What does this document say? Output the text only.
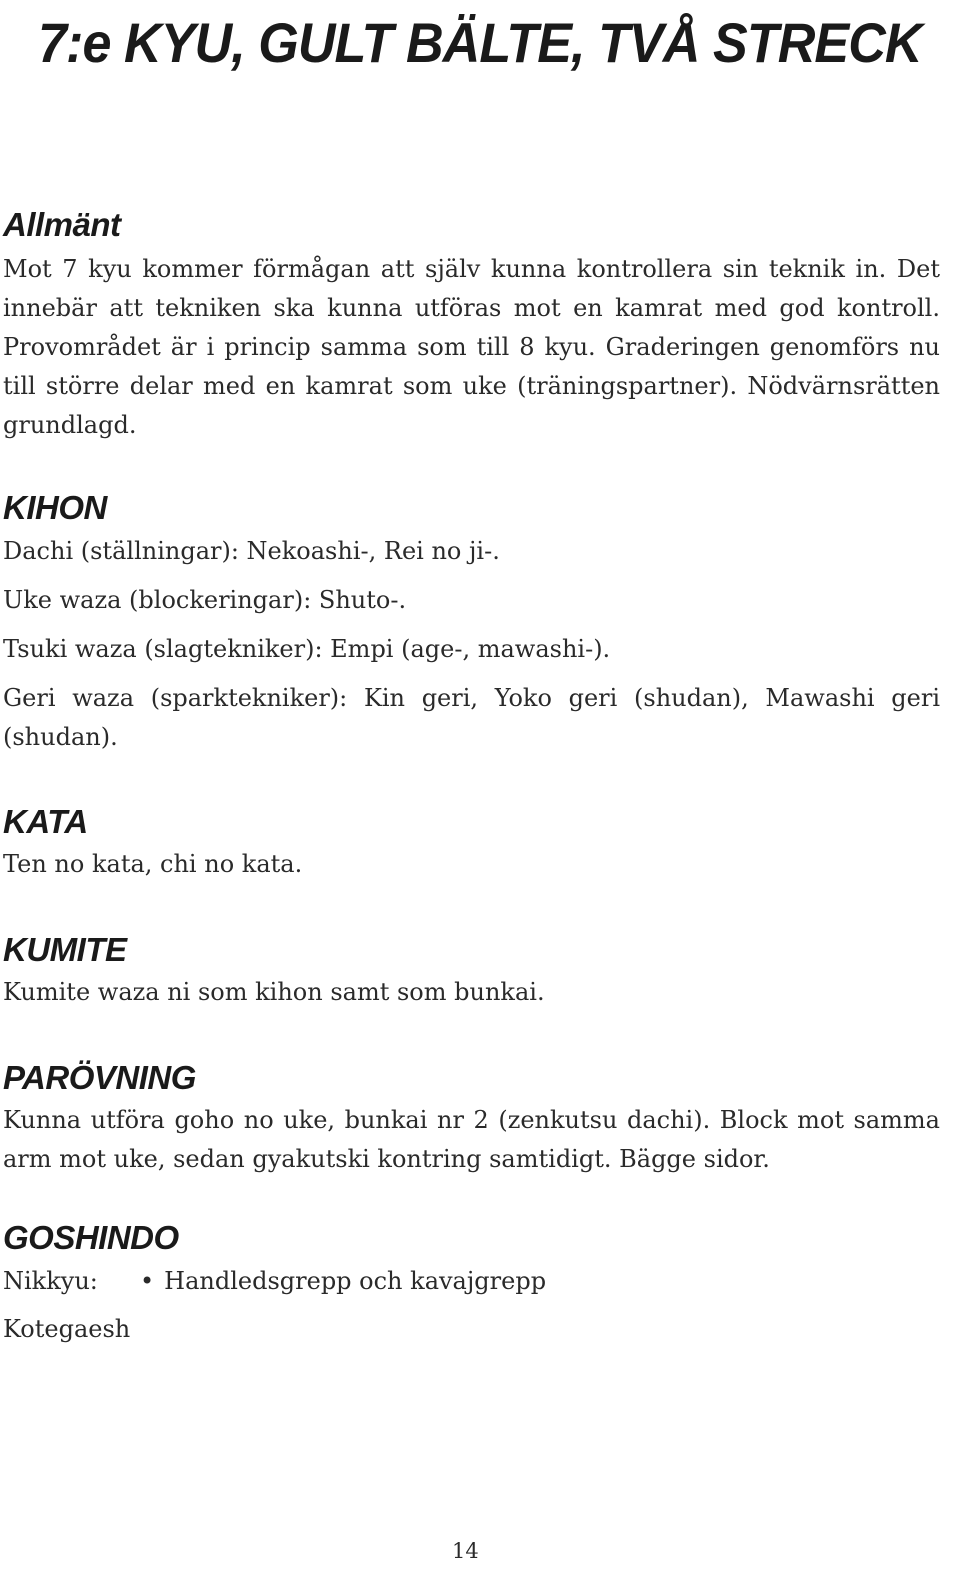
7:e KYU, GULT BÄLTE, TVÅ STRECK
Allmänt

Mot 7 kyu kommer förmågan att själv kunna kontrollera sin teknik in. Det innebär att tekniken ska kunna utföras mot en kamrat med god kontroll. Provområdet är i princip samma som till 8 kyu. Graderingen genomförs nu till större delar med en kamrat som uke (träningspartner). Nödvärnsrätten grundlagd.

KIHON

Dachi (ställningar): Nekoashi-, Rei no ji-.

Uke waza (blockeringar): Shuto-.

Tsuki waza (slagtekniker): Empi (age-, mawashi-).

Geri waza (sparktekniker): Kin geri, Yoko geri (shudan), Mawashi geri (shudan).

KATA

Ten no kata, chi no kata.

KUMITE

Kumite waza ni som kihon samt som bunkai.

PARÖVNING

Kunna utföra goho no uke, bunkai nr 2 (zenkutsu dachi). Block mot samma arm mot uke, sedan gyakutski kontring samtidigt. Bägge sidor.

GOSHINDO

Nikkyu: • Handledsgrepp och kavajgrepp

Kotegaesh

14
